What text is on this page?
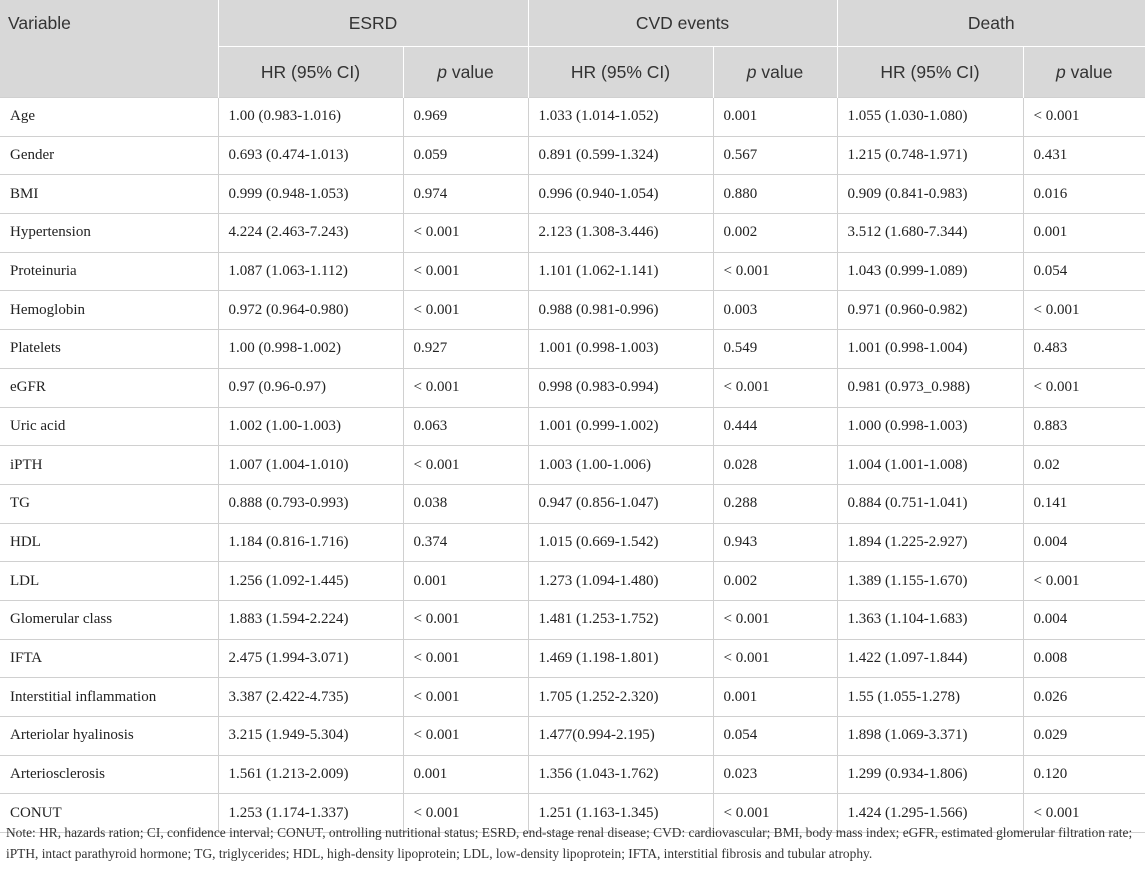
Variable	ESRD		CVD events		Death	
	HR (95% CI)	p value	HR (95% CI)	p value	HR (95% CI)	p value
Age	1.00 (0.983-1.016)	0.969	1.033 (1.014-1.052)	0.001	1.055 (1.030-1.080)	< 0.001
Gender	0.693 (0.474-1.013)	0.059	0.891 (0.599-1.324)	0.567	1.215 (0.748-1.971)	0.431
BMI	0.999 (0.948-1.053)	0.974	0.996 (0.940-1.054)	0.880	0.909 (0.841-0.983)	0.016
Hypertension	4.224 (2.463-7.243)	< 0.001	2.123 (1.308-3.446)	0.002	3.512 (1.680-7.344)	0.001
Proteinuria	1.087 (1.063-1.112)	< 0.001	1.101 (1.062-1.141)	< 0.001	1.043 (0.999-1.089)	0.054
Hemoglobin	0.972 (0.964-0.980)	< 0.001	0.988 (0.981-0.996)	0.003	0.971 (0.960-0.982)	< 0.001
Platelets	1.00 (0.998-1.002)	0.927	1.001 (0.998-1.003)	0.549	1.001 (0.998-1.004)	0.483
eGFR	0.97 (0.96-0.97)	< 0.001	0.998 (0.983-0.994)	< 0.001	0.981 (0.973_0.988)	< 0.001
Uric acid	1.002 (1.00-1.003)	0.063	1.001 (0.999-1.002)	0.444	1.000 (0.998-1.003)	0.883
iPTH	1.007 (1.004-1.010)	< 0.001	1.003 (1.00-1.006)	0.028	1.004 (1.001-1.008)	0.02
TG	0.888 (0.793-0.993)	0.038	0.947 (0.856-1.047)	0.288	0.884 (0.751-1.041)	0.141
HDL	1.184 (0.816-1.716)	0.374	1.015 (0.669-1.542)	0.943	1.894 (1.225-2.927)	0.004
LDL	1.256 (1.092-1.445)	0.001	1.273 (1.094-1.480)	0.002	1.389 (1.155-1.670)	< 0.001
Glomerular class	1.883 (1.594-2.224)	< 0.001	1.481 (1.253-1.752)	< 0.001	1.363 (1.104-1.683)	0.004
IFTA	2.475 (1.994-3.071)	< 0.001	1.469 (1.198-1.801)	< 0.001	1.422 (1.097-1.844)	0.008
Interstitial inflammation	3.387 (2.422-4.735)	< 0.001	1.705 (1.252-2.320)	0.001	1.55 (1.055-1.278)	0.026
Arteriolar hyalinosis	3.215 (1.949-5.304)	< 0.001	1.477(0.994-2.195)	0.054	1.898 (1.069-3.371)	0.029
Arteriosclerosis	1.561 (1.213-2.009)	0.001	1.356 (1.043-1.762)	0.023	1.299 (0.934-1.806)	0.120
CONUT	1.253 (1.174-1.337)	< 0.001	1.251 (1.163-1.345)	< 0.001	1.424 (1.295-1.566)	< 0.001
Note: HR, hazards ration; CI, confidence interval; CONUT, ontrolling nutritional status; ESRD, end-stage renal disease; CVD: cardiovascular; BMI, body mass index; eGFR, estimated glomerular filtration rate; iPTH, intact parathyroid hormone; TG, triglycerides; HDL, high-density lipoprotein; LDL, low-density lipoprotein; IFTA, interstitial fibrosis and tubular atrophy.
